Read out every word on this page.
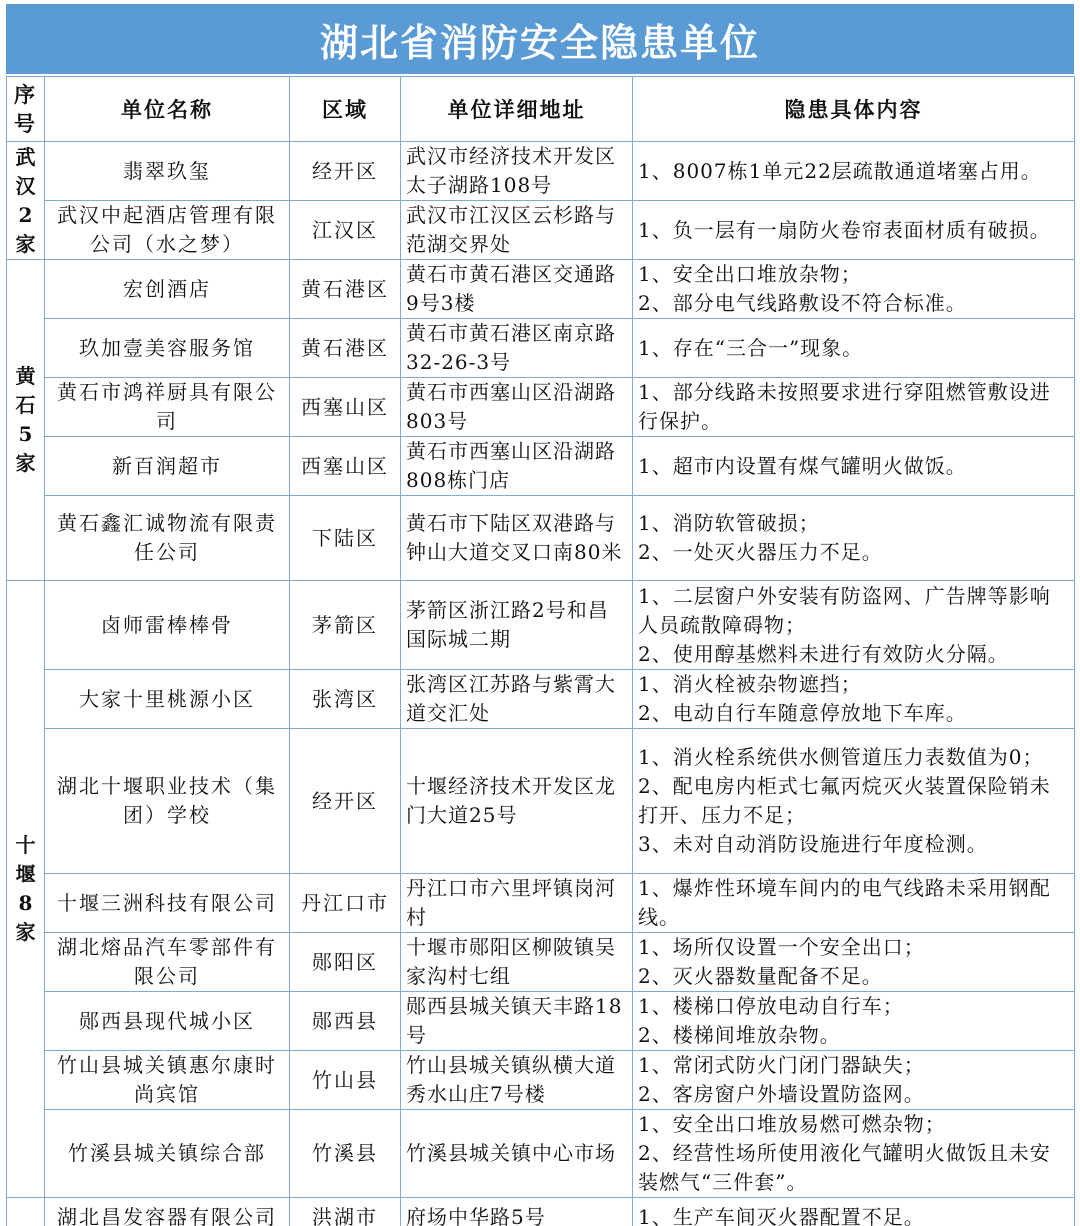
湖北省消防安全隐患单位
序号	单位名称	区域	单位详细地址	隐患具体内容
武汉2家	翡翠玖玺	经开区	武汉市经济技术开发区太子湖路108号	1、8007栋1单元22层疏散通道堵塞占用。

	武汉中起酒店管理有限公司（水之梦）	江汉区	武汉市江汉区云杉路与范湖交界处	1、负一层有一扇防火卷帘表面材质有破损。

黄石5家	宏创酒店	黄石港区	黄石市黄石港区交通路9号3楼	1、安全出口堆放杂物；
2、部分电气线路敷设不符合标准。

	玖加壹美容服务馆	黄石港区	黄石市黄石港区南京路32-26-3号	1、存在“三合一”现象。

	黄石市鸿祥厨具有限公司	西塞山区	黄石市西塞山区沿湖路803号	1、部分线路未按照要求进行穿阻燃管敷设进行保护。

	新百润超市	西塞山区	黄石市西塞山区沿湖路808栋门店	1、超市内设置有煤气罐明火做饭。

	黄石鑫汇诚物流有限责任公司	下陆区	黄石市下陆区双港路与钟山大道交叉口南80米	1、消防软管破损；
2、一处灭火器压力不足。

十堰8家	卤师雷棒棒骨	茅箭区	茅箭区浙江路2号和昌国际城二期	1、二层窗户外安装有防盗网、广告牌等影响人员疏散障碍物；
2、使用醇基燃料未进行有效防火分隔。

	大家十里桃源小区	张湾区	张湾区江苏路与紫霄大道交汇处	1、消火栓被杂物遮挡；
2、电动自行车随意停放地下车库。

	湖北十堰职业技术（集团）学校	经开区	十堰经济技术开发区龙门大道25号	1、消火栓系统供水侧管道压力表数值为0；
2、配电房内柜式七氟丙烷灭火装置保险销未打开、压力不足；
3、未对自动消防设施进行年度检测。

	十堰三洲科技有限公司	丹江口市	丹江口市六里坪镇岗河村	1、爆炸性环境车间内的电气线路未采用钢配线。

	湖北熔品汽车零部件有限公司	郧阳区	十堰市郧阳区柳陂镇吴家沟村七组	1、场所仅设置一个安全出口；
2、灭火器数量配备不足。

	郧西县现代城小区	郧西县	郧西县城关镇天丰路18号	1、楼梯口停放电动自行车；
2、楼梯间堆放杂物。

	竹山县城关镇惠尔康时尚宾馆	竹山县	竹山县城关镇纵横大道秀水山庄7号楼	1、常闭式防火门闭门器缺失；
2、客房窗户外墙设置防盗网。

	竹溪县城关镇综合部	竹溪县	竹溪县城关镇中心市场	1、安全出口堆放易燃可燃杂物；
2、经营性场所使用液化气罐明火做饭且未安装燃气“三件套”。

	湖北昌发容器有限公司	洪湖市	府场中华路5号	1、生产车间灭火器配置不足。
